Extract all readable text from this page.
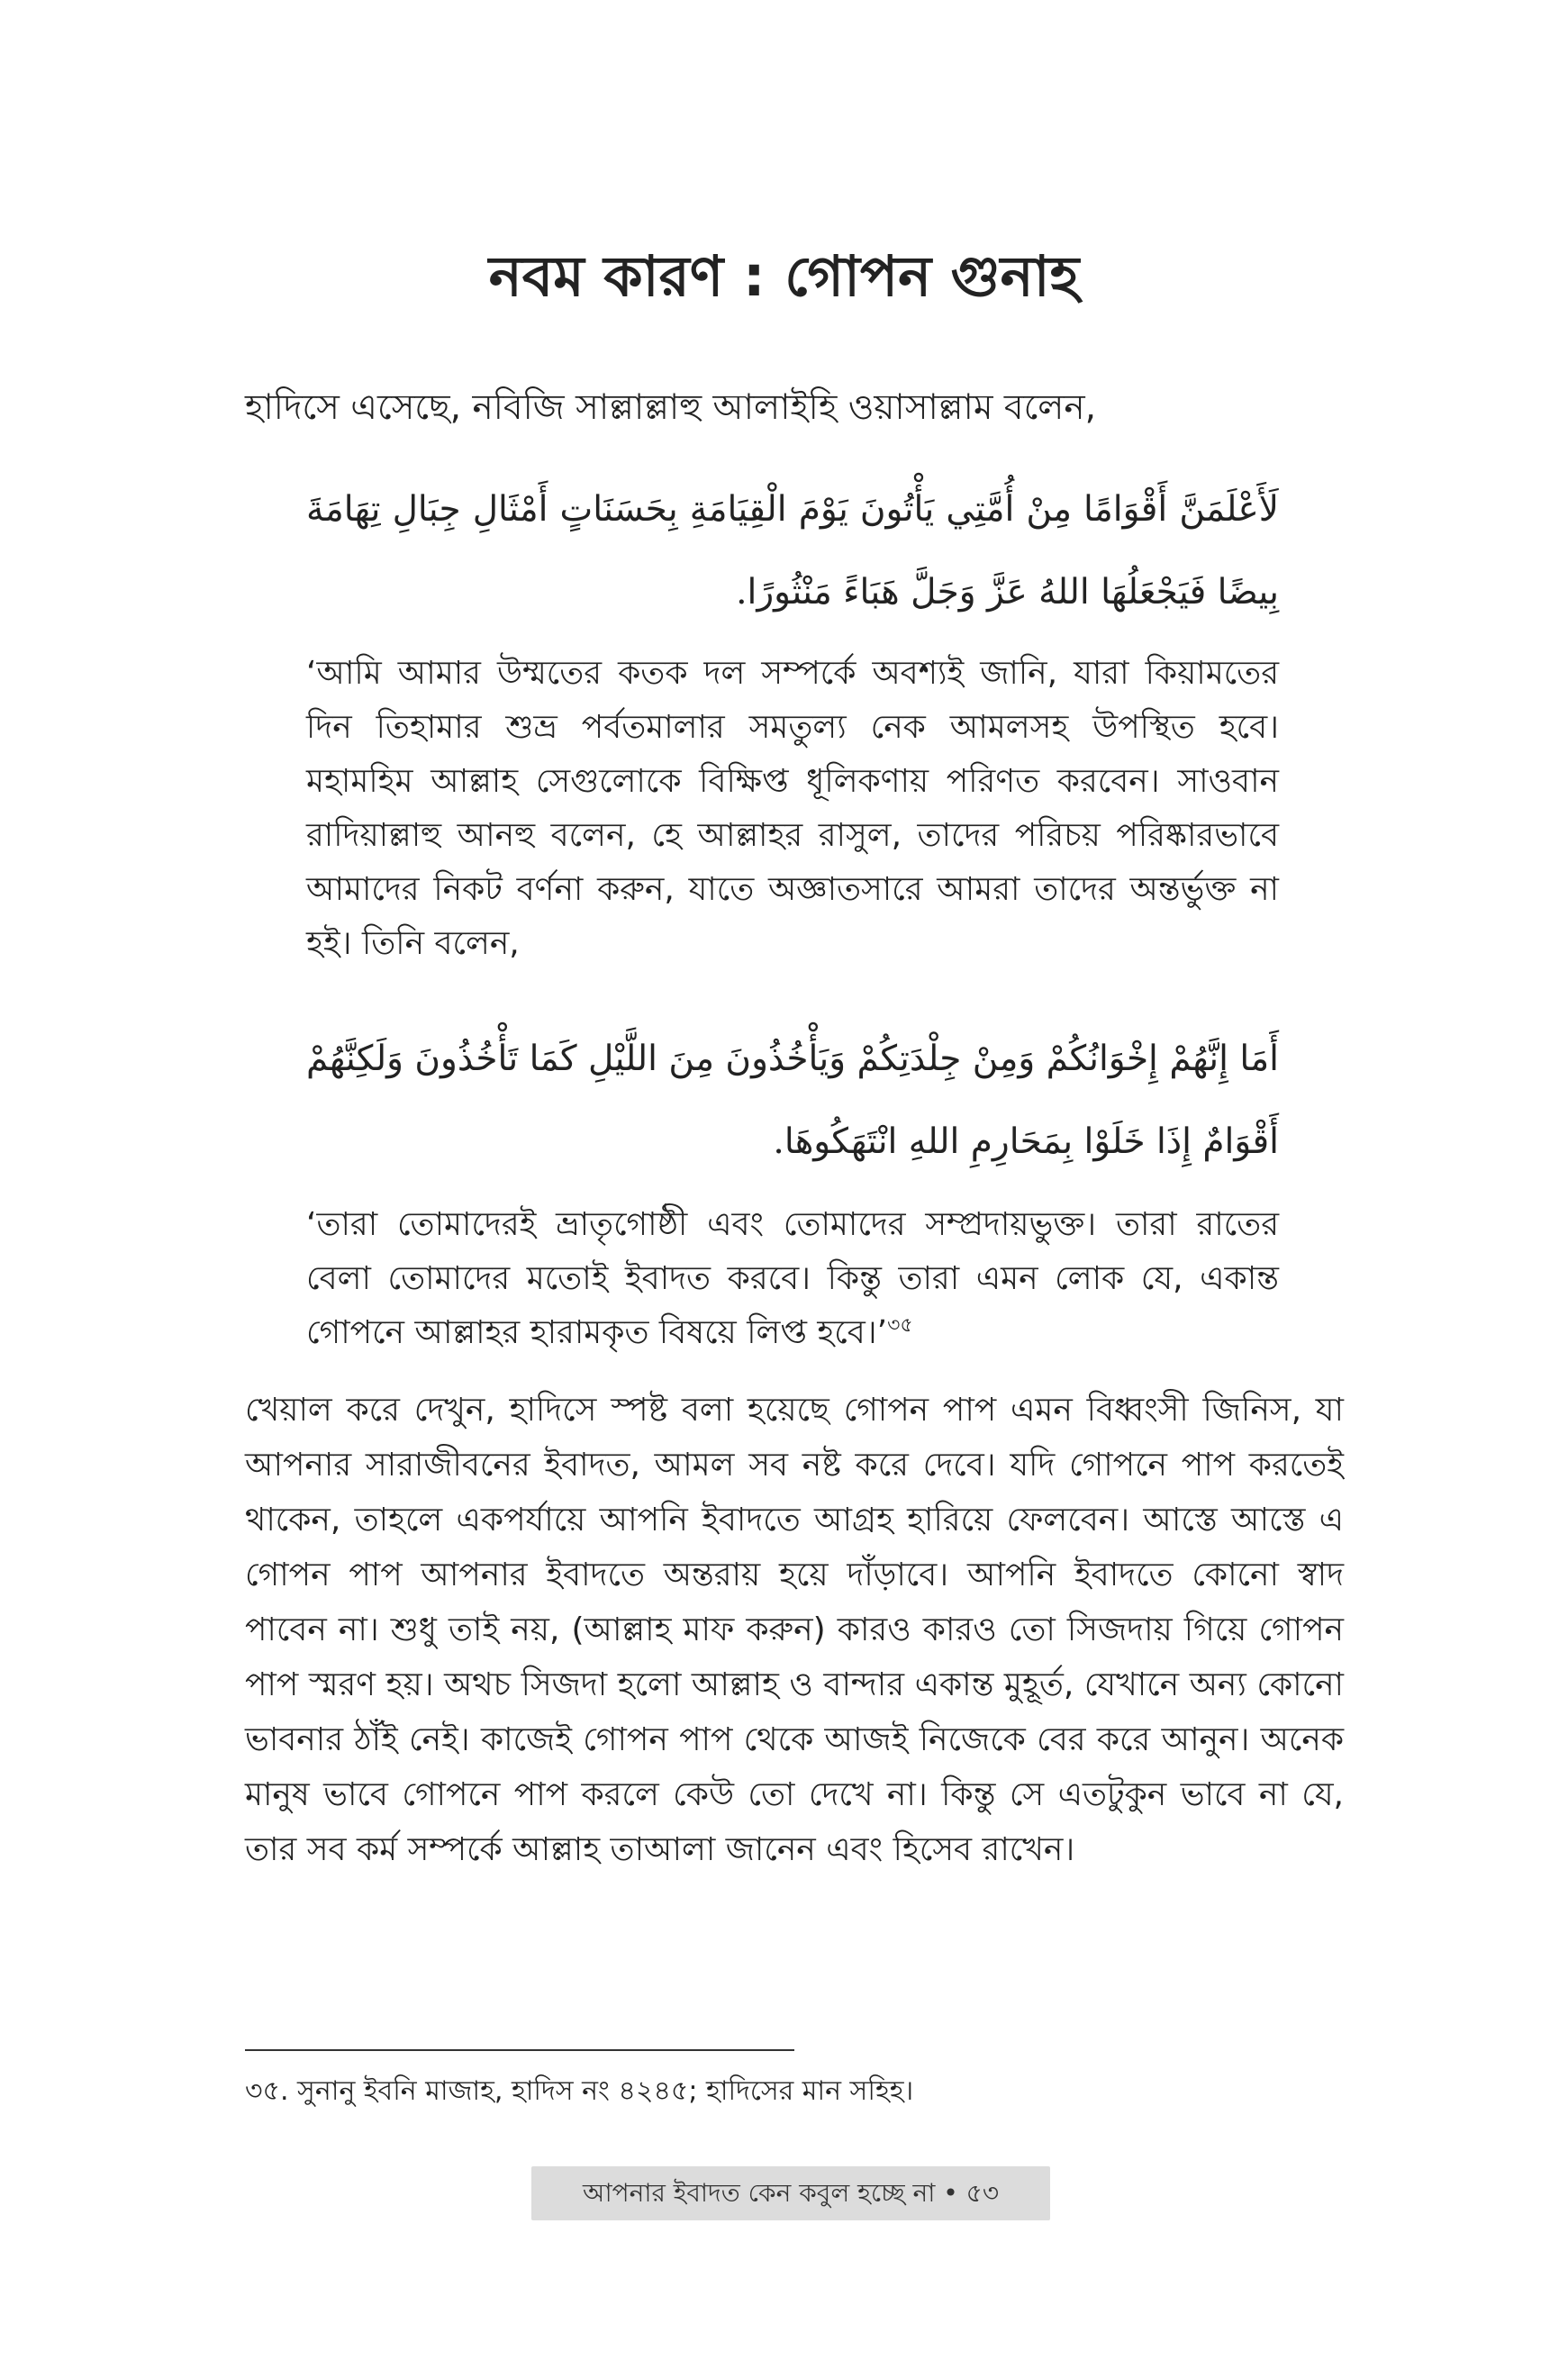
নবম কারণ : গোপন গুনাহ

হাদিসে এসেছে, নবিজি সাল্লাল্লাহু আলাইহি ওয়াসাল্লাম বলেন,

لَأَعْلَمَنَّ أَقْوَامًا مِنْ أُمَّتِي يَأْتُونَ يَوْمَ الْقِيَامَةِ بِحَسَنَاتٍ أَمْثَالِ جِبَالِ تِهَامَةَ بِيضًا فَيَجْعَلُهَا اللهُ عَزَّ وَجَلَّ هَبَاءً مَنْثُورًا.

‘আমি আমার উম্মতের কতক দল সম্পর্কে অবশ্যই জানি, যারা কিয়ামতের দিন তিহামার শুভ্র পর্বতমালার সমতুল্য নেক আমলসহ উপস্থিত হবে। মহামহিম আল্লাহ সেগুলোকে বিক্ষিপ্ত ধূলিকণায় পরিণত করবেন। সাওবান রাদিয়াল্লাহু আনহু বলেন, হে আল্লাহর রাসুল, তাদের পরিচয় পরিষ্কারভাবে আমাদের নিকট বর্ণনা করুন, যাতে অজ্ঞাতসারে আমরা তাদের অন্তর্ভুক্ত না হই। তিনি বলেন,

أَمَا إِنَّهُمْ إِخْوَانُكُمْ وَمِنْ جِلْدَتِكُمْ وَيَأْخُذُونَ مِنَ اللَّيْلِ كَمَا تَأْخُذُونَ وَلَكِنَّهُمْ أَقْوَامٌ إِذَا خَلَوْا بِمَحَارِمِ اللهِ انْتَهَكُوهَا.

‘তারা তোমাদেরই ভ্রাতৃগোষ্ঠী এবং তোমাদের সম্প্রদায়ভুক্ত। তারা রাতের বেলা তোমাদের মতোই ইবাদত করবে। কিন্তু তারা এমন লোক যে, একান্ত গোপনে আল্লাহর হারামকৃত বিষয়ে লিপ্ত হবে।’$^{৩৫}$

খেয়াল করে দেখুন, হাদিসে স্পষ্ট বলা হয়েছে গোপন পাপ এমন বিধ্বংসী জিনিস, যা আপনার সারাজীবনের ইবাদত, আমল সব নষ্ট করে দেবে। যদি গোপনে পাপ করতেই থাকেন, তাহলে একপর্যায়ে আপনি ইবাদতে আগ্রহ হারিয়ে ফেলবেন। আস্তে আস্তে এ গোপন পাপ আপনার ইবাদতে অন্তরায় হয়ে দাঁড়াবে। আপনি ইবাদতে কোনো স্বাদ পাবেন না। শুধু তাই নয়, (আল্লাহ মাফ করুন) কারও কারও তো সিজদায় গিয়ে গোপন পাপ স্মরণ হয়। অথচ সিজদা হলো আল্লাহ ও বান্দার একান্ত মুহূর্ত, যেখানে অন্য কোনো ভাবনার ঠাঁই নেই। কাজেই গোপন পাপ থেকে আজই নিজেকে বের করে আনুন। অনেক মানুষ ভাবে গোপনে পাপ করলে কেউ তো দেখে না। কিন্তু সে এতটুকুন ভাবে না যে, তার সব কর্ম সম্পর্কে আল্লাহ তাআলা জানেন এবং হিসেব রাখেন।

৩৫. সুনানু ইবনি মাজাহ, হাদিস নং ৪২৪৫; হাদিসের মান সহিহ।

আপনার ইবাদত কেন কবুল হচ্ছে না • ৫৩
